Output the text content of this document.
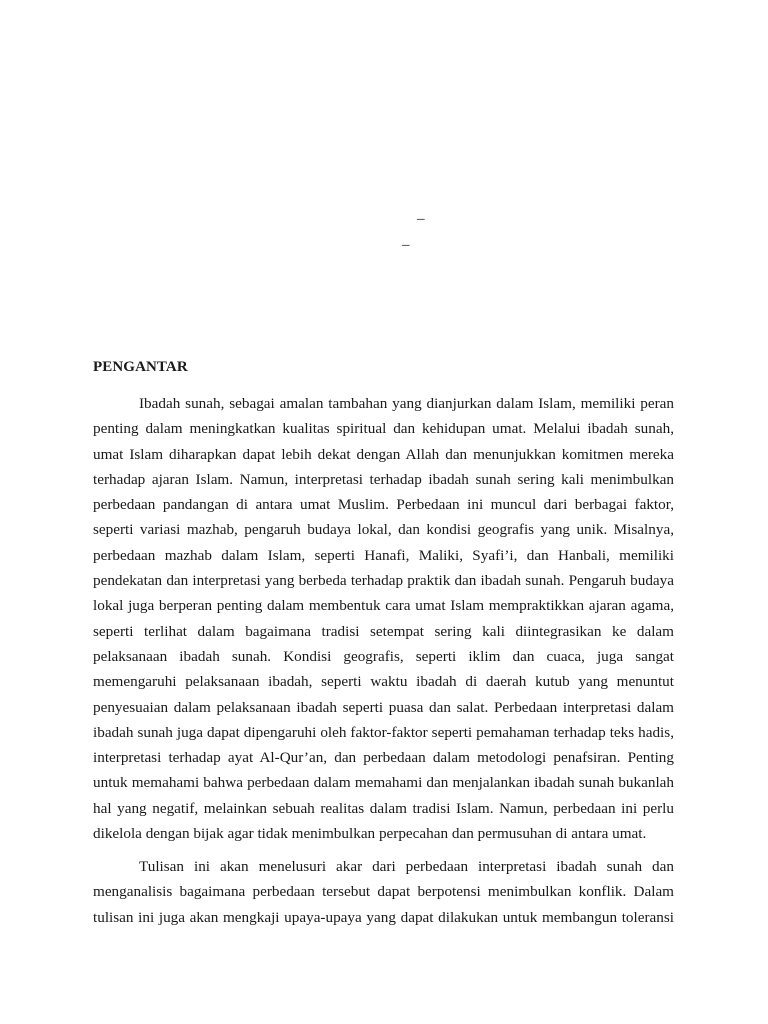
–
–
PENGANTAR

Ibadah sunah, sebagai amalan tambahan yang dianjurkan dalam Islam, memiliki peran
penting dalam meningkatkan kualitas spiritual dan kehidupan umat. Melalui ibadah sunah,
umat Islam diharapkan dapat lebih dekat dengan Allah dan menunjukkan komitmen mereka
terhadap ajaran Islam. Namun, interpretasi terhadap ibadah sunah sering kali menimbulkan
perbedaan pandangan di antara umat Muslim. Perbedaan ini muncul dari berbagai faktor,
seperti variasi mazhab, pengaruh budaya lokal, dan kondisi geografis yang unik. Misalnya,
perbedaan mazhab dalam Islam, seperti Hanafi, Maliki, Syafi’i, dan Hanbali, memiliki
pendekatan dan interpretasi yang berbeda terhadap praktik dan ibadah sunah. Pengaruh budaya
lokal juga berperan penting dalam membentuk cara umat Islam mempraktikkan ajaran agama,
seperti terlihat dalam bagaimana tradisi setempat sering kali diintegrasikan ke dalam
pelaksanaan ibadah sunah. Kondisi geografis, seperti iklim dan cuaca, juga sangat
memengaruhi pelaksanaan ibadah, seperti waktu ibadah di daerah kutub yang menuntut
penyesuaian dalam pelaksanaan ibadah seperti puasa dan salat. Perbedaan interpretasi dalam
ibadah sunah juga dapat dipengaruhi oleh faktor-faktor seperti pemahaman terhadap teks hadis,
interpretasi terhadap ayat Al-Qur’an, dan perbedaan dalam metodologi penafsiran. Penting
untuk memahami bahwa perbedaan dalam memahami dan menjalankan ibadah sunah bukanlah
hal yang negatif, melainkan sebuah realitas dalam tradisi Islam. Namun, perbedaan ini perlu
dikelola dengan bijak agar tidak menimbulkan perpecahan dan permusuhan di antara umat.

Tulisan ini akan menelusuri akar dari perbedaan interpretasi ibadah sunah dan
menganalisis bagaimana perbedaan tersebut dapat berpotensi menimbulkan konflik. Dalam
tulisan ini juga akan mengkaji upaya-upaya yang dapat dilakukan untuk membangun toleransi
